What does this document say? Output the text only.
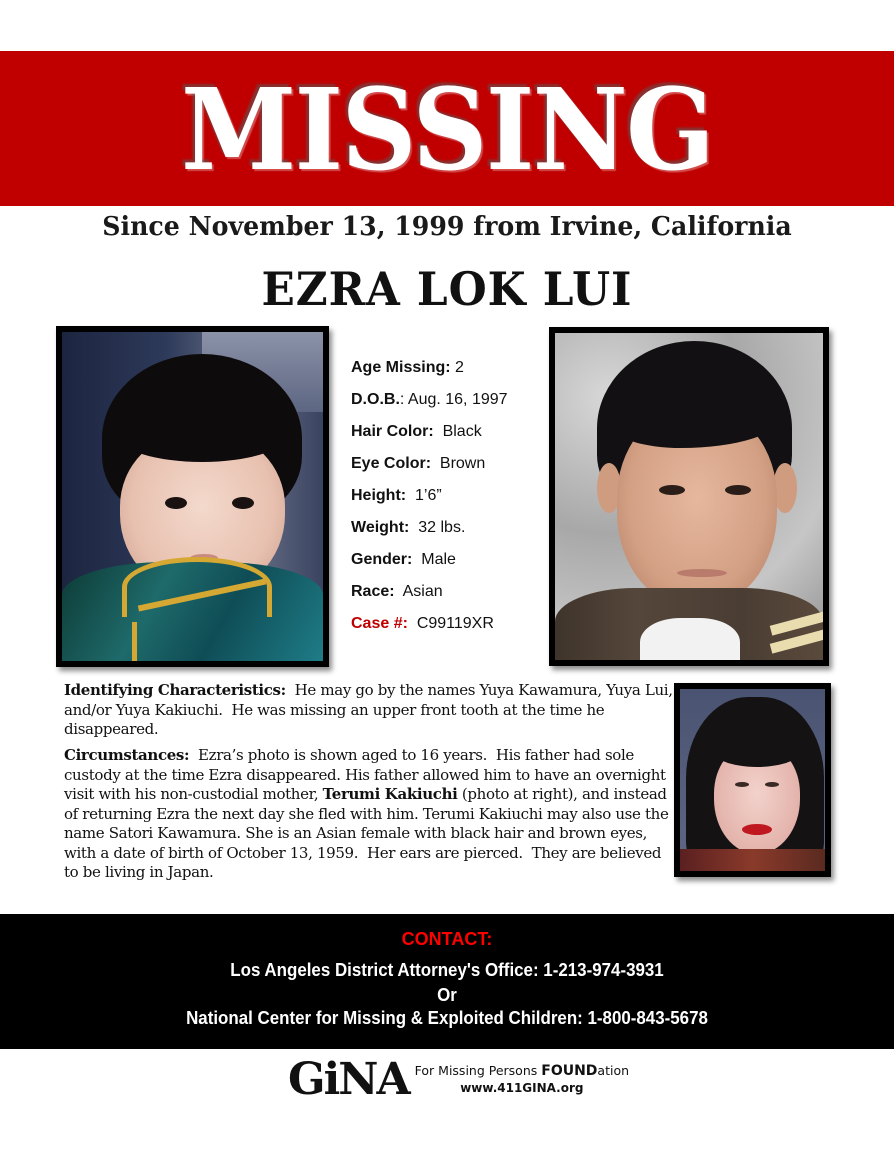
MISSING
Since November 13, 1999 from Irvine, California
EZRA LOK LUI
Age Missing: 2
D.O.B.: Aug. 16, 1997
Hair Color:  Black
Eye Color:  Brown
Height:  1’6”
Weight:  32 lbs.
Gender:  Male
Race:  Asian
Case #:  C99119XR

Identifying Characteristics:  He may go by the names Yuya Kawamura, Yuya Lui, and/or Yuya Kakiuchi.  He was missing an upper front tooth at the time he disappeared.

Circumstances:  Ezra’s photo is shown aged to 16 years.  His father had sole custody at the time Ezra disappeared. His father allowed him to have an overnight visit with his non-custodial mother, Terumi Kakiuchi (photo at right), and instead of returning Ezra the next day she fled with him. Terumi Kakiuchi may also use the name Satori Kawamura. She is an Asian female with black hair and brown eyes, with a date of birth of October 13, 1959.  Her ears are pierced.  They are believed to be living in Japan.

CONTACT:
Los Angeles District Attorney's Office: 1-213-974-3931
Or
National Center for Missing & Exploited Children: 1-800-843-5678
GiNA For Missing Persons FOUNDation
www.411GINA.org
